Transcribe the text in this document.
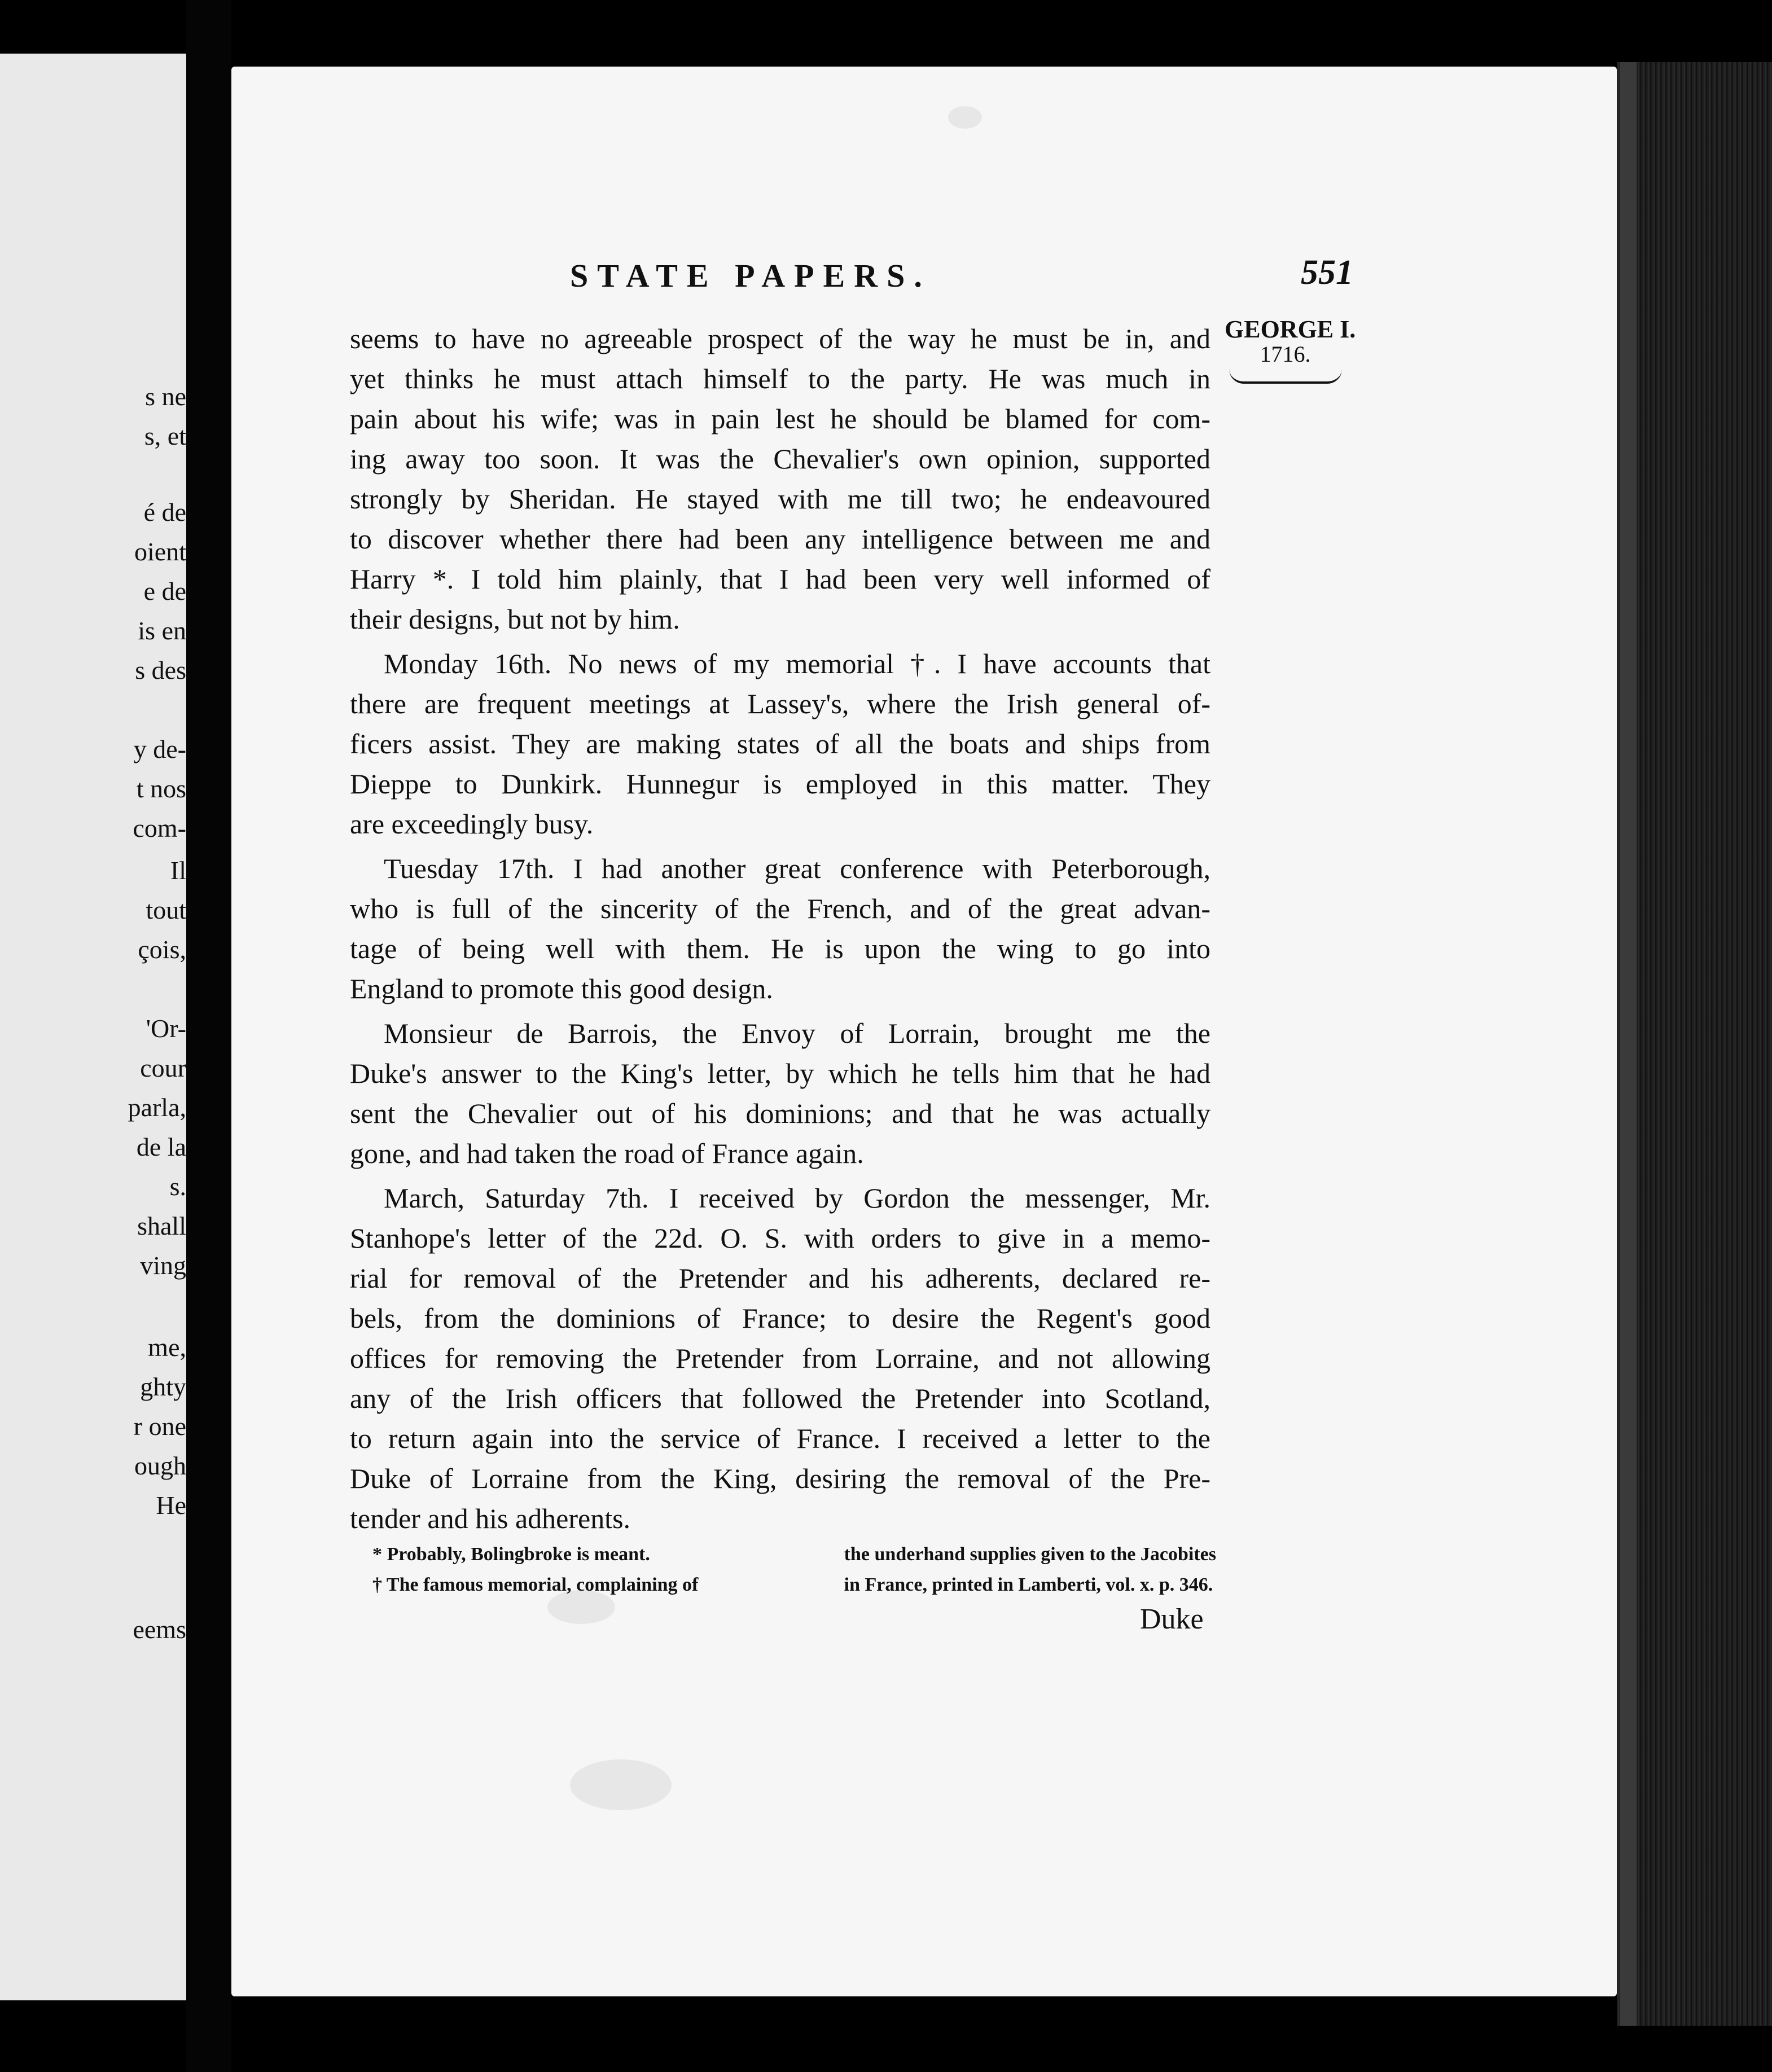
s ne
s, et
é de
oient
e de
is en
s des
y de-
t nos
com-
Il
tout
çois,
'Or-
cour
parla,
de la
s.
shall
ving
me,
ghty
r one
ough
He
eems
STATE PAPERS.	551
GEORGE I.
1716.
seems to have no agreeable prospect of the way he must be in, and
yet thinks he must attach himself to the party. He was much in
pain about his wife; was in pain lest he should be blamed for com-
ing away too soon. It was the Chevalier's own opinion, supported
strongly by Sheridan. He stayed with me till two; he endeavoured
to discover whether there had been any intelligence between me and
Harry *. I told him plainly, that I had been very well informed of
their designs, but not by him.
Monday 16th. No news of my memorial †. I have accounts that
there are frequent meetings at Lassey's, where the Irish general of-
ficers assist. They are making states of all the boats and ships from
Dieppe to Dunkirk. Hunnegur is employed in this matter. They
are exceedingly busy.
Tuesday 17th. I had another great conference with Peterborough,
who is full of the sincerity of the French, and of the great advan-
tage of being well with them. He is upon the wing to go into
England to promote this good design.
Monsieur de Barrois, the Envoy of Lorrain, brought me the
Duke's answer to the King's letter, by which he tells him that he had
sent the Chevalier out of his dominions; and that he was actually
gone, and had taken the road of France again.
March, Saturday 7th. I received by Gordon the messenger, Mr.
Stanhope's letter of the 22d. O. S. with orders to give in a memo-
rial for removal of the Pretender and his adherents, declared re-
bels, from the dominions of France; to desire the Regent's good
offices for removing the Pretender from Lorraine, and not allowing
any of the Irish officers that followed the Pretender into Scotland,
to return again into the service of France. I received a letter to the
Duke of Lorraine from the King, desiring the removal of the Pre-
tender and his adherents.
* Probably, Bolingbroke is meant.
† The famous memorial, complaining of
the underhand supplies given to the Jacobites
in France, printed in Lamberti, vol. x. p. 346.
Duke
